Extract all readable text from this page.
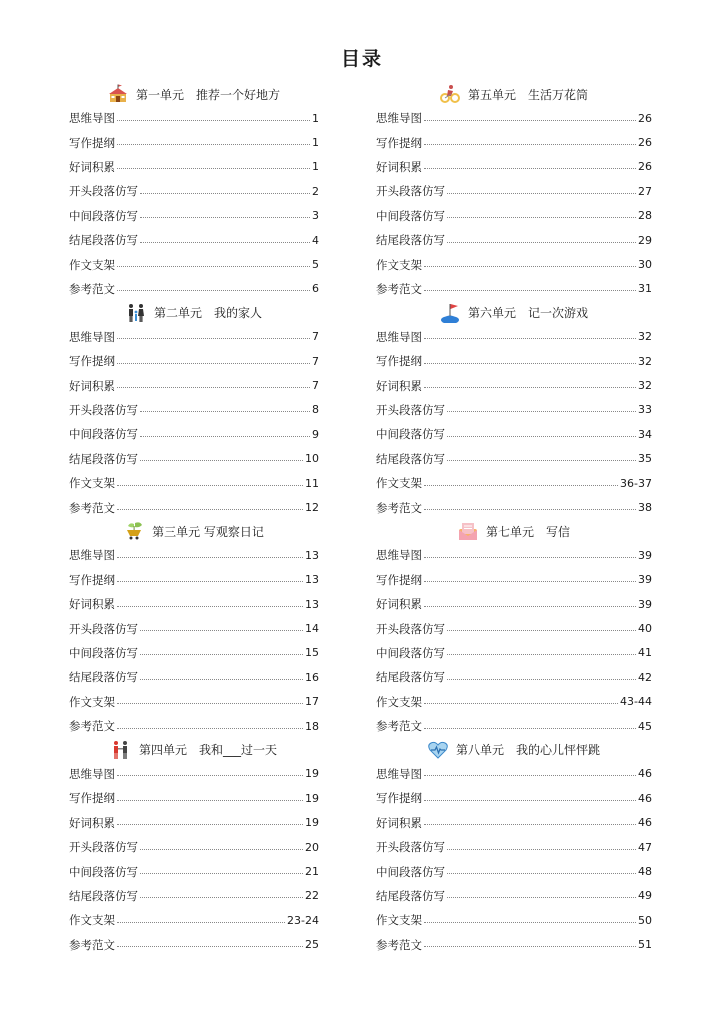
目录
第一单元　推荐一个好地方
思维导图	1
写作提纲	1
好词积累	1
开头段落仿写	2
中间段落仿写	3
结尾段落仿写	4
作文支架	5
参考范文	6
第二单元　我的家人
思维导图	7
写作提纲	7
好词积累	7
开头段落仿写	8
中间段落仿写	9
结尾段落仿写	10
作文支架	11
参考范文	12
第三单元 写观察日记
思维导图	13
写作提纲	13
好词积累	13
开头段落仿写	14
中间段落仿写	15
结尾段落仿写	16
作文支架	17
参考范文	18
第四单元　我和___过一天
思维导图	19
写作提纲	19
好词积累	19
开头段落仿写	20
中间段落仿写	21
结尾段落仿写	22
作文支架	23-24
参考范文	25
第五单元　生活万花筒
思维导图	26
写作提纲	26
好词积累	26
开头段落仿写	27
中间段落仿写	28
结尾段落仿写	29
作文支架	30
参考范文	31
第六单元　记一次游戏
思维导图	32
写作提纲	32
好词积累	32
开头段落仿写	33
中间段落仿写	34
结尾段落仿写	35
作文支架	36-37
参考范文	38
第七单元　写信
思维导图	39
写作提纲	39
好词积累	39
开头段落仿写	40
中间段落仿写	41
结尾段落仿写	42
作文支架	43-44
参考范文	45
第八单元　我的心儿怦怦跳
思维导图	46
写作提纲	46
好词积累	46
开头段落仿写	47
中间段落仿写	48
结尾段落仿写	49
作文支架	50
参考范文	51
